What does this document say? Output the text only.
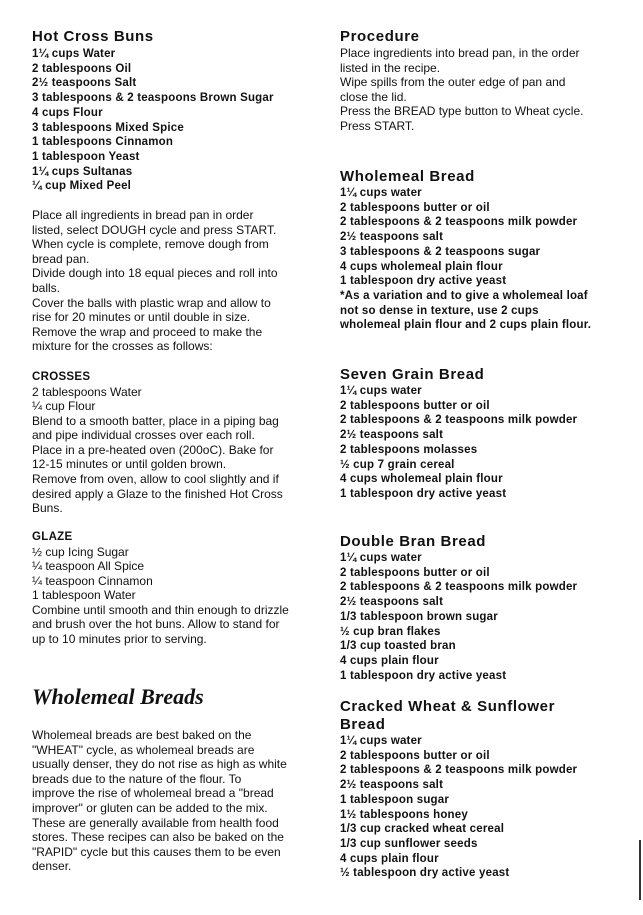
Hot Cross Buns

1¼ cups Water

2 tablespoons Oil

2½ teaspoons Salt

3 tablespoons & 2 teaspoons Brown Sugar

4 cups Flour

3 tablespoons Mixed Spice

1 tablespoons Cinnamon

1 tablespoon Yeast

1¼ cups Sultanas

¼ cup Mixed Peel

Place all ingredients in bread pan in order

listed, select DOUGH cycle and press START.

When cycle is complete, remove dough from

bread pan.

Divide dough into 18 equal pieces and roll into

balls.

Cover the balls with plastic wrap and allow to

rise for 20 minutes or until double in size.

Remove the wrap and proceed to make the

mixture for the crosses as follows:

CROSSES

2 tablespoons Water

¼ cup Flour

Blend to a smooth batter, place in a piping bag

and pipe individual crosses over each roll.

Place in a pre-heated oven (200oC). Bake for

12-15 minutes or until golden brown.

Remove from oven, allow to cool slightly and if

desired apply a Glaze to the finished Hot Cross

Buns.

GLAZE

½ cup Icing Sugar

¼ teaspoon All Spice

¼ teaspoon Cinnamon

1 tablespoon Water

Combine until smooth and thin enough to drizzle

and brush over the hot buns. Allow to stand for

up to 10 minutes prior to serving.

Wholemeal Breads

Wholemeal breads are best baked on the

"WHEAT" cycle, as wholemeal breads are

usually denser, they do not rise as high as white

breads due to the nature of the flour. To

improve the rise of wholemeal bread a "bread

improver" or gluten can be added to the mix.

These are generally available from health food

stores. These recipes can also be baked on the

"RAPID" cycle but this causes them to be even

denser.

Procedure

Place ingredients into bread pan, in the order

listed in the recipe.

Wipe spills from the outer edge of pan and

close the lid.

Press the BREAD type button to Wheat cycle.

Press START.

Wholemeal Bread

1¼ cups water

2 tablespoons butter or oil

2 tablespoons & 2 teaspoons milk powder

2½ teaspoons salt

3 tablespoons & 2 teaspoons sugar

4 cups wholemeal plain flour

1 tablespoon dry active yeast

*As a variation and to give a wholemeal loaf

not so dense in texture, use 2 cups

wholemeal plain flour and 2 cups plain flour.

Seven Grain Bread

1¼ cups water

2 tablespoons butter or oil

2 tablespoons & 2 teaspoons milk powder

2½ teaspoons salt

2 tablespoons molasses

½ cup 7 grain cereal

4 cups wholemeal plain flour

1 tablespoon dry active yeast

Double Bran Bread

1¼ cups water

2 tablespoons butter or oil

2 tablespoons & 2 teaspoons milk powder

2½ teaspoons salt

1/3 tablespoon brown sugar

½ cup bran flakes

1/3 cup toasted bran

4 cups plain flour

1 tablespoon dry active yeast

Cracked Wheat & Sunflower
Bread

1¼ cups water

2 tablespoons butter or oil

2 tablespoons & 2 teaspoons milk powder

2½ teaspoons salt

1 tablespoon sugar

1½ tablespoons honey

1/3 cup cracked wheat cereal

1/3 cup sunflower seeds

4 cups plain flour

½ tablespoon dry active yeast
